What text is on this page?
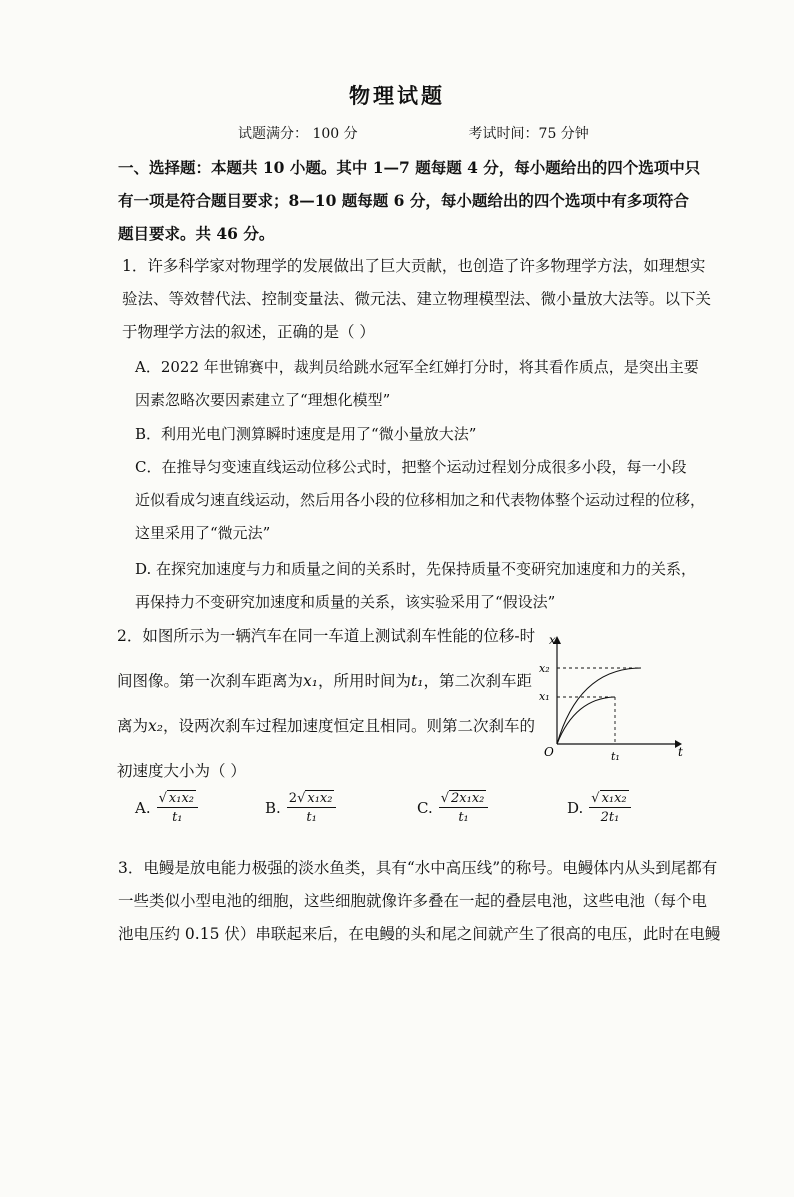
物理试题
试题满分： 100 分	考试时间：75 分钟
一、选择题：本题共 10 小题。其中 1—7 题每题 4 分，每小题给出的四个选项中只
有一项是符合题目要求；8—10 题每题 6 分，每小题给出的四个选项中有多项符合
题目要求。共 46 分。
1．许多科学家对物理学的发展做出了巨大贡献，也创造了许多物理学方法，如理想实
验法、等效替代法、控制变量法、微元法、建立物理模型法、微小量放大法等。以下关
于物理学方法的叙述，正确的是（ ）
A．2022 年世锦赛中，裁判员给跳水冠军全红婵打分时，将其看作质点，是突出主要
因素忽略次要因素建立了“理想化模型”
B．利用光电门测算瞬时速度是用了“微小量放大法”
C．在推导匀变速直线运动位移公式时，把整个运动过程划分成很多小段，每一小段
近似看成匀速直线运动，然后用各小段的位移相加之和代表物体整个运动过程的位移，
这里采用了“微元法”
D. 在探究加速度与力和质量之间的关系时，先保持质量不变研究加速度和力的关系，
再保持力不变研究加速度和质量的关系，该实验采用了“假设法”
2．如图所示为一辆汽车在同一车道上测试刹车性能的位移-时
间图像。第一次刹车距离为x₁，所用时间为t₁，第二次刹车距
离为x₂，设两次刹车过程加速度恒定且相同。则第二次刹车的
初速度大小为（ ）
t
x
O
x₂
x₁
t₁
A. $\frac{\text{√ x₁x₂}}{\text{t₁}}$	B. $\frac{\text{2√ x₁x₂}}{\text{t₁}}$	C. $\frac{\text{√ 2x₁x₂}}{\text{t₁}}$	D. $\frac{\text{√ x₁x₂}}{\text{2t₁}}$
3．电鳗是放电能力极强的淡水鱼类，具有“水中高压线”的称号。电鳗体内从头到尾都有
一些类似小型电池的细胞，这些细胞就像许多叠在一起的叠层电池，这些电池（每个电
池电压约 0.15 伏）串联起来后，在电鳗的头和尾之间就产生了很高的电压，此时在电鳗
